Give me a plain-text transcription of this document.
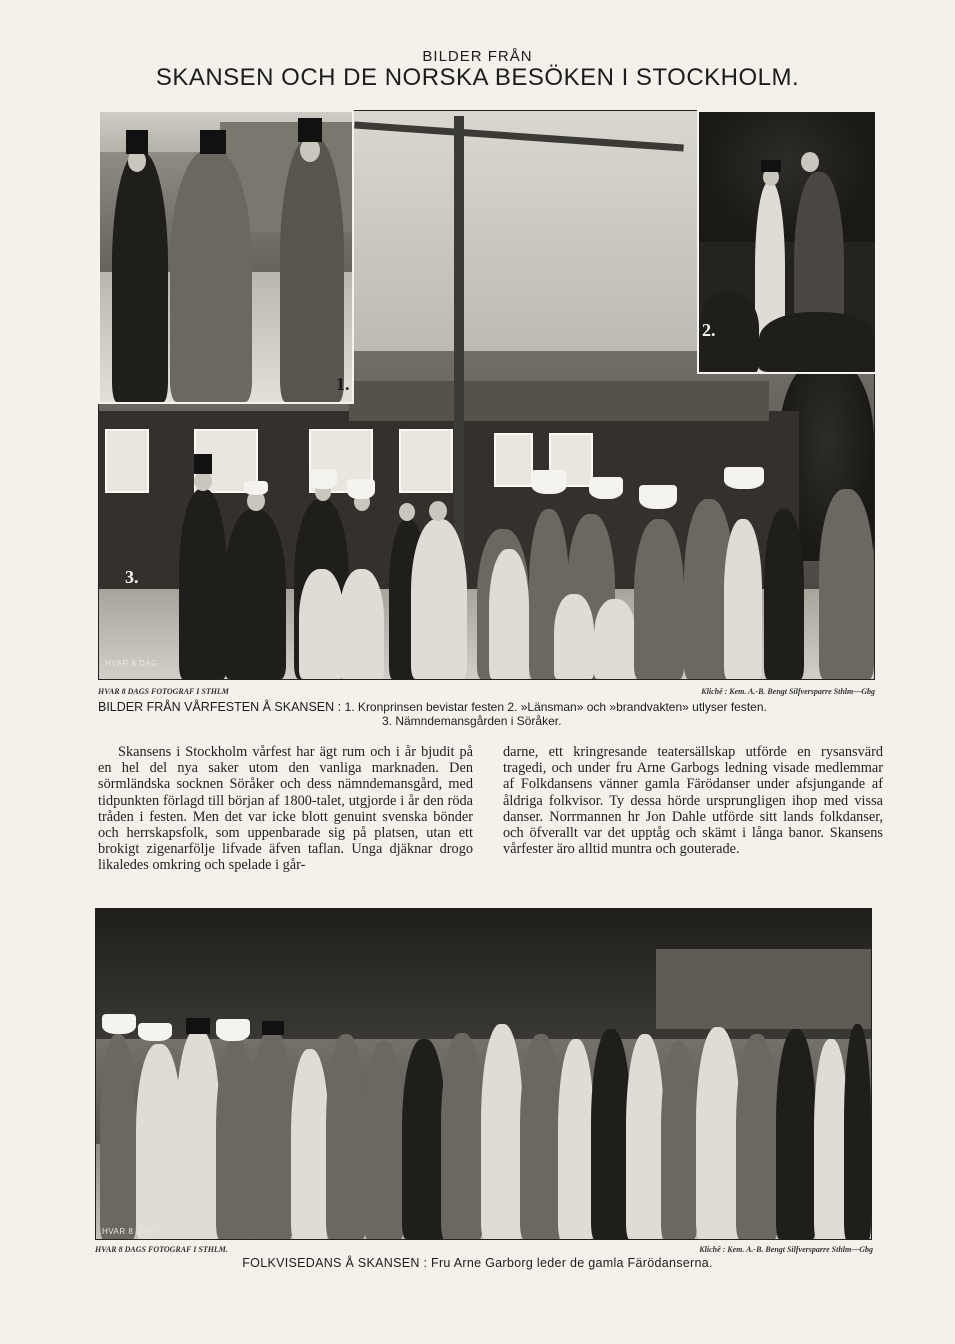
BILDER FRÅN
SKANSEN OCH DE NORSKA BESÖKEN I STOCKHOLM.
3.
HVAR 8 DAG
1.
2.
HVAR 8 DAGS FOTOGRAF I STHLM	Klichê : Kem. A.-B. Bengt Silfversparre Sthlm—Gbg
BILDER FRÅN VÅRFESTEN Å SKANSEN : 1. Kronprinsen bevistar festen 2. »Länsman» och »brandvakten» utlyser festen.
3. Nämndemansgården i Söråker.

Skansens i Stockholm vårfest har ägt rum och i år bjudit på en hel del nya saker utom den vanliga marknaden. Den sörmländska socknen Söråker och dess nämndemansgård, med tidpunkten förlagd till början af 1800-talet, utgjorde i år den röda tråden i festen. Men det var icke blott genuint svenska bönder och herrskapsfolk, som uppenbarade sig på platsen, utan ett brokigt zigenarfölje lifvade äfven taflan. Unga djäknar drogo likaledes omkring och spelade i går-

darne, ett kringresande teatersällskap utförde en rysansvärd tragedi, och under fru Arne Garbogs ledning visade medlemmar af Folkdansens vänner gamla Färödanser under afsjungande af åldriga folkvisor. Ty dessa hörde ursprungligen ihop med vissa danser. Norrmannen hr Jon Dahle utförde sitt lands folkdanser, och öfverallt var det upptåg och skämt i långa banor. Skansens vårfester äro alltid muntra och gouterade.

HVAR 8 DAG
HVAR 8 DAGS FOTOGRAF I STHLM.	Klichê : Kem. A.-B. Bengt Silfversparre Sthlm—Gbg
FOLKVISEDANS Å SKANSEN : Fru Arne Garborg leder de gamla Färödanserna.
